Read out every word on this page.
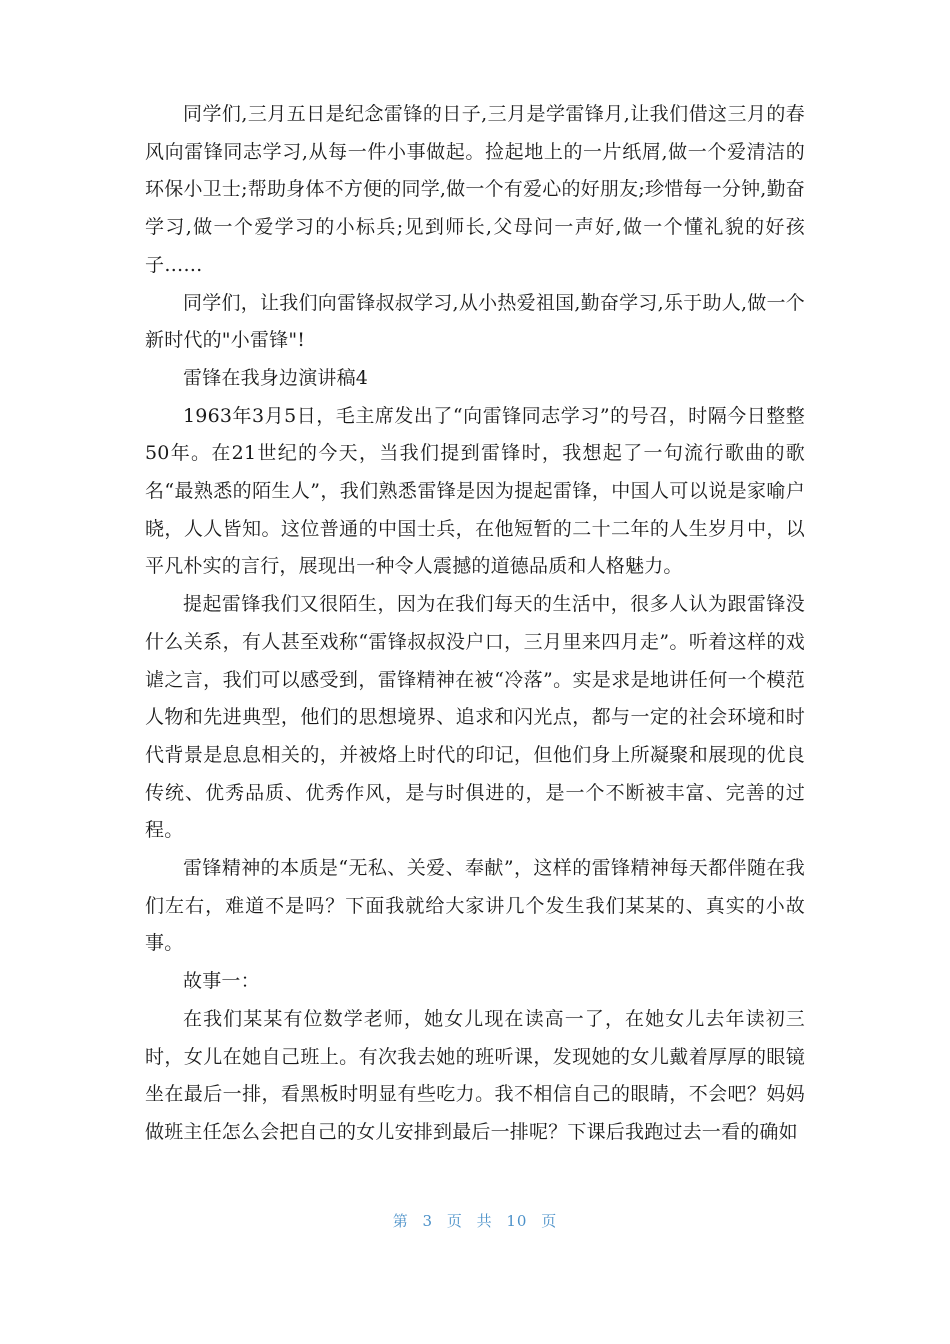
同学们,三月五日是纪念雷锋的日子,三月是学雷锋月,让我们借这三月的春风向雷锋同志学习,从每一件小事做起。捡起地上的一片纸屑,做一个爱清洁的环保小卫士;帮助身体不方便的同学,做一个有爱心的好朋友;珍惜每一分钟,勤奋学习,做一个爱学习的小标兵;见到师长,父母问一声好,做一个懂礼貌的好孩子……

同学们，让我们向雷锋叔叔学习,从小热爱祖国,勤奋学习,乐于助人,做一个新时代的"小雷锋"!

雷锋在我身边演讲稿4

1963年3月5日，毛主席发出了“向雷锋同志学习”的号召，时隔今日整整50年。在21世纪的今天，当我们提到雷锋时，我想起了一句流行歌曲的歌名“最熟悉的陌生人”，我们熟悉雷锋是因为提起雷锋，中国人可以说是家喻户晓，人人皆知。这位普通的中国士兵，在他短暂的二十二年的人生岁月中，以平凡朴实的言行，展现出一种令人震撼的道德品质和人格魅力。

提起雷锋我们又很陌生，因为在我们每天的生活中，很多人认为跟雷锋没什么关系，有人甚至戏称“雷锋叔叔没户口，三月里来四月走”。听着这样的戏谑之言，我们可以感受到，雷锋精神在被“冷落”。实是求是地讲任何一个模范人物和先进典型，他们的思想境界、追求和闪光点，都与一定的社会环境和时代背景是息息相关的，并被烙上时代的印记，但他们身上所凝聚和展现的优良传统、优秀品质、优秀作风，是与时俱进的，是一个不断被丰富、完善的过程。

雷锋精神的本质是“无私、关爱、奉献”，这样的雷锋精神每天都伴随在我们左右，难道不是吗？下面我就给大家讲几个发生我们某某的、真实的小故事。

故事一：

在我们某某有位数学老师，她女儿现在读高一了，在她女儿去年读初三时，女儿在她自己班上。有次我去她的班听课，发现她的女儿戴着厚厚的眼镜坐在最后一排，看黑板时明显有些吃力。我不相信自己的眼睛，不会吧？妈妈做班主任怎么会把自己的女儿安排到最后一排呢？下课后我跑过去一看的确如

第 3 页 共 10 页
